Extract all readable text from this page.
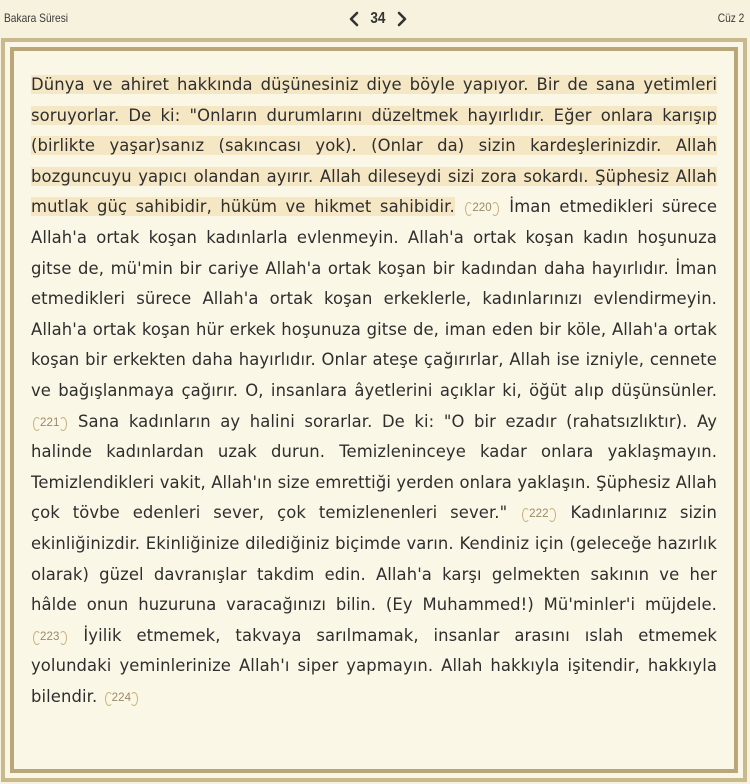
Bakara Süresi	34	Cüz 2
Dünya ve ahiret hakkında düşünesiniz diye böyle yapıyor. Bir de sana yetimleri soruyorlar. De ki: "Onların durumlarını düzeltmek hayırlıdır. Eğer onlara karışıp (birlikte yaşar)sanız (sakıncası yok). (Onlar da) sizin kardeşlerinizdir. Allah bozguncuyu yapıcı olandan ayırır. Allah dileseydi sizi zora sokardı. Şüphesiz Allah mutlak güç sahibidir, hüküm ve hikmet sahibidir. 220 İman etmedikleri sürece Allah'a ortak koşan kadınlarla evlenmeyin. Allah'a ortak koşan kadın hoşunuza gitse de, mü'min bir cariye Allah'a ortak koşan bir kadından daha hayırlıdır. İman etmedikleri sürece Allah'a ortak koşan erkeklerle, kadınlarınızı evlendirmeyin. Allah'a ortak koşan hür erkek hoşunuza gitse de, iman eden bir köle, Allah'a ortak koşan bir erkekten daha hayırlıdır. Onlar ateşe çağırırlar, Allah ise izniyle, cennete ve bağışlanmaya çağırır. O, insanlara âyetlerini açıklar ki, öğüt alıp düşünsünler. 221 Sana kadınların ay halini sorarlar. De ki: "O bir ezadır (rahatsızlıktır). Ay halinde kadınlardan uzak durun. Temizleninceye kadar onlara yaklaşmayın. Temizlendikleri vakit, Allah'ın size emrettiği yerden onlara yaklaşın. Şüphesiz Allah çok tövbe edenleri sever, çok temizlenenleri sever." 222 Kadınlarınız sizin ekinliğinizdir. Ekinliğinize dilediğiniz biçimde varın. Kendiniz için (geleceğe hazırlık olarak) güzel davranışlar takdim edin. Allah'a karşı gelmekten sakının ve her hâlde onun huzuruna varacağınızı bilin. (Ey Muhammed!) Mü'minler'i müjdele. 223 İyilik etmemek, takvaya sarılmamak, insanlar arasını ıslah etmemek yolundaki yeminlerinize Allah'ı siper yapmayın. Allah hakkıyla işitendir, hakkıyla bilendir. 224
